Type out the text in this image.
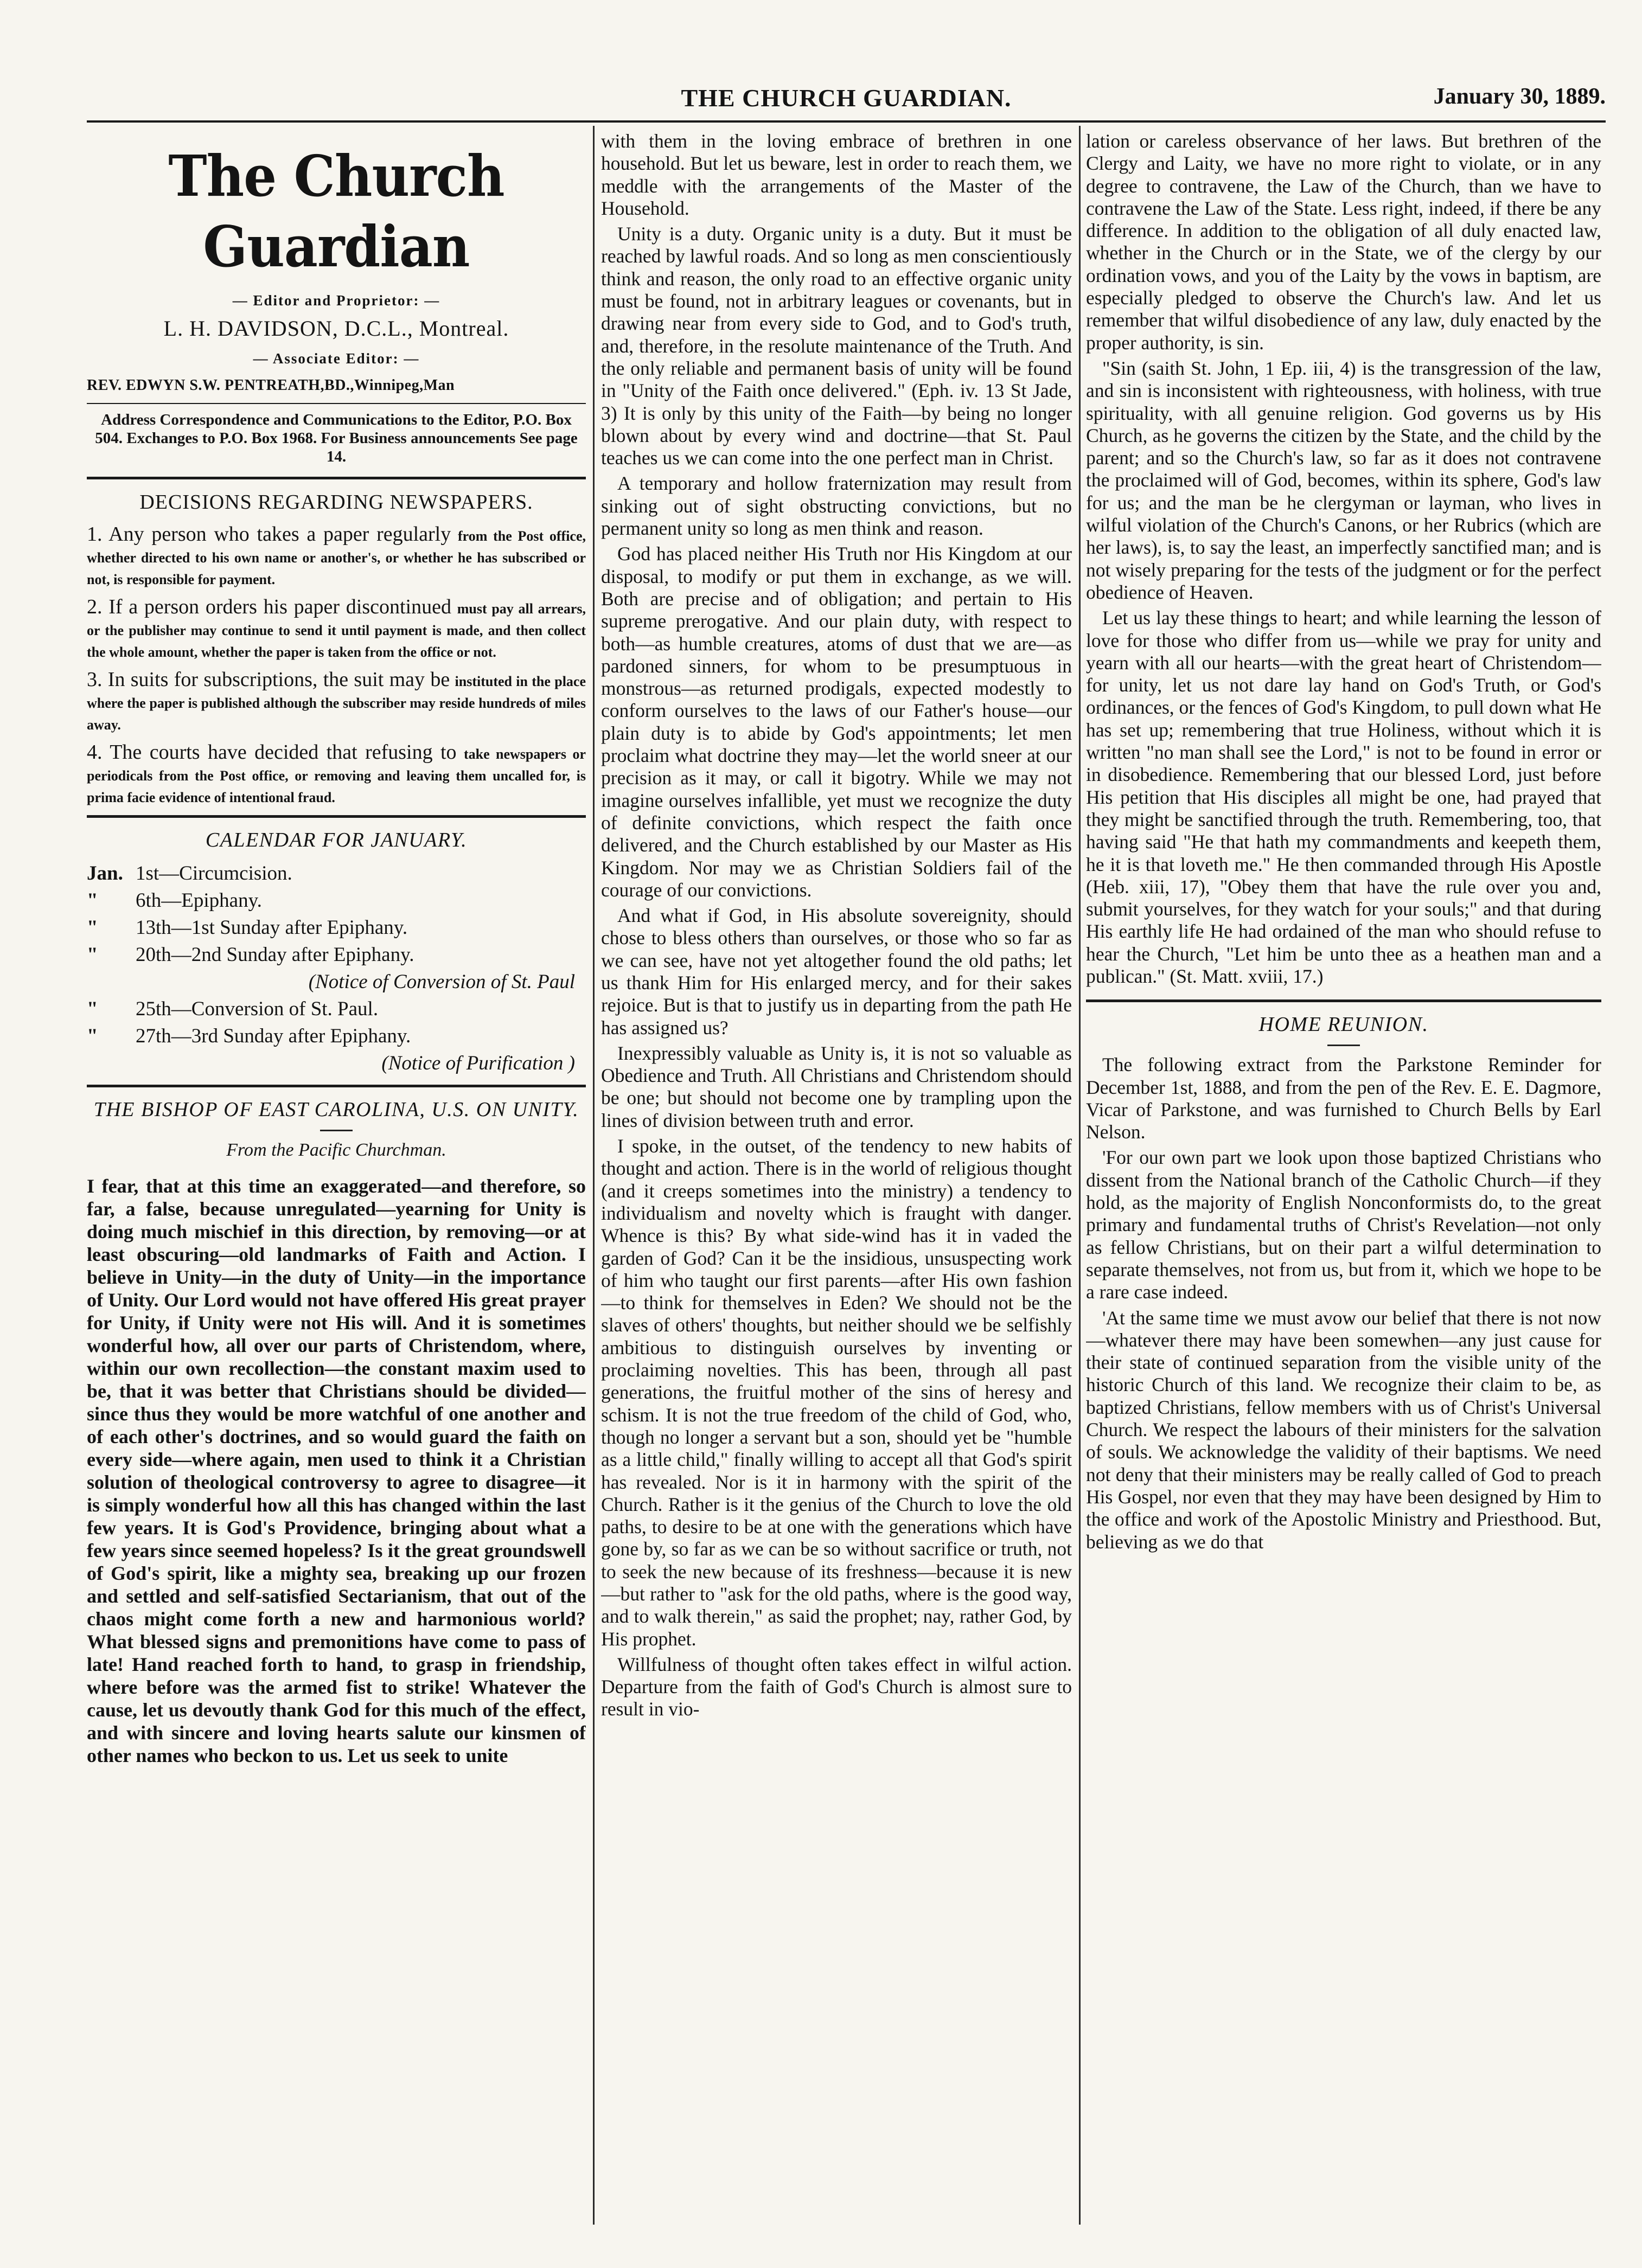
THE CHURCH GUARDIAN.	January 30, 1889.
The Church Guardian
— Editor and Proprietor: —
L. H. DAVIDSON, D.C.L., Montreal.
— Associate Editor: —
REV. EDWYN S.W. PENTREATH,BD.,Winnipeg,Man
Address Correspondence and Communications to the Editor, P.O. Box 504. Exchanges to P.O. Box 1968. For Business announcements See page 14.
DECISIONS REGARDING NEWSPAPERS.

1. Any person who takes a paper regularly from the Post office, whether directed to his own name or another's, or whether he has subscribed or not, is responsible for payment.

2. If a person orders his paper discontinued must pay all arrears, or the publisher may continue to send it until payment is made, and then collect the whole amount, whether the paper is taken from the office or not.

3. In suits for subscriptions, the suit may be instituted in the place where the paper is published although the subscriber may reside hundreds of miles away.

4. The courts have decided that refusing to take newspapers or periodicals from the Post office, or removing and leaving them uncalled for, is prima facie evidence of intentional fraud.

CALENDAR FOR JANUARY.
Jan. 1st—Circumcision.
"	6th—Epiphany.
"	13th—1st Sunday after Epiphany.
"	20th—2nd Sunday after Epiphany.
(Notice of Conversion of St. Paul
"	25th—Conversion of St. Paul.
"	27th—3rd Sunday after Epiphany.
(Notice of Purification )
THE BISHOP OF EAST CAROLINA, U.S. ON UNITY.
From the Pacific Churchman.

I fear, that at this time an exaggerated—and therefore, so far, a false, because unregulated—yearning for Unity is doing much mischief in this direction, by removing—or at least obscuring—old landmarks of Faith and Action. I believe in Unity—in the duty of Unity—in the importance of Unity. Our Lord would not have offered His great prayer for Unity, if Unity were not His will. And it is sometimes wonderful how, all over our parts of Christendom, where, within our own recollection—the constant maxim used to be, that it was better that Christians should be divided—since thus they would be more watchful of one another and of each other's doctrines, and so would guard the faith on every side—where again, men used to think it a Christian solution of theological controversy to agree to disagree—it is simply wonderful how all this has changed within the last few years. It is God's Providence, bringing about what a few years since seemed hopeless? Is it the great groundswell of God's spirit, like a mighty sea, breaking up our frozen and settled and self-satisfied Sectarianism, that out of the chaos might come forth a new and harmonious world? What blessed signs and premonitions have come to pass of late! Hand reached forth to hand, to grasp in friendship, where before was the armed fist to strike! Whatever the cause, let us devoutly thank God for this much of the effect, and with sincere and loving hearts salute our kinsmen of other names who beckon to us. Let us seek to unite

with them in the loving embrace of brethren in one household. But let us beware, lest in order to reach them, we meddle with the arrangements of the Master of the Household.

Unity is a duty. Organic unity is a duty. But it must be reached by lawful roads. And so long as men conscientiously think and reason, the only road to an effective organic unity must be found, not in arbitrary leagues or covenants, but in drawing near from every side to God, and to God's truth, and, therefore, in the resolute maintenance of the Truth. And the only reliable and permanent basis of unity will be found in "Unity of the Faith once delivered." (Eph. iv. 13 St Jade, 3) It is only by this unity of the Faith—by being no longer blown about by every wind and doctrine—that St. Paul teaches us we can come into the one perfect man in Christ.

A temporary and hollow fraternization may result from sinking out of sight obstructing convictions, but no permanent unity so long as men think and reason.

God has placed neither His Truth nor His Kingdom at our disposal, to modify or put them in exchange, as we will. Both are precise and of obligation; and pertain to His supreme prerogative. And our plain duty, with respect to both—as humble creatures, atoms of dust that we are—as pardoned sinners, for whom to be presumptuous in monstrous—as returned prodigals, expected modestly to conform ourselves to the laws of our Father's house—our plain duty is to abide by God's appointments; let men proclaim what doctrine they may—let the world sneer at our precision as it may, or call it bigotry. While we may not imagine ourselves infallible, yet must we recognize the duty of definite convictions, which respect the faith once delivered, and the Church established by our Master as His Kingdom. Nor may we as Christian Soldiers fail of the courage of our convictions.

And what if God, in His absolute sovereignity, should chose to bless others than ourselves, or those who so far as we can see, have not yet altogether found the old paths; let us thank Him for His enlarged mercy, and for their sakes rejoice. But is that to justify us in departing from the path He has assigned us?

Inexpressibly valuable as Unity is, it is not so valuable as Obedience and Truth. All Christians and Christendom should be one; but should not become one by trampling upon the lines of division between truth and error.

I spoke, in the outset, of the tendency to new habits of thought and action. There is in the world of religious thought (and it creeps sometimes into the ministry) a tendency to individualism and novelty which is fraught with danger. Whence is this? By what side-wind has it in vaded the garden of God? Can it be the insidious, unsuspecting work of him who taught our first parents—after His own fashion—to think for themselves in Eden? We should not be the slaves of others' thoughts, but neither should we be selfishly ambitious to distinguish ourselves by inventing or proclaiming novelties. This has been, through all past generations, the fruitful mother of the sins of heresy and schism. It is not the true freedom of the child of God, who, though no longer a servant but a son, should yet be "humble as a little child," finally willing to accept all that God's spirit has revealed. Nor is it in harmony with the spirit of the Church. Rather is it the genius of the Church to love the old paths, to desire to be at one with the generations which have gone by, so far as we can be so without sacrifice or truth, not to seek the new because of its freshness—because it is new—but rather to "ask for the old paths, where is the good way, and to walk therein," as said the prophet; nay, rather God, by His prophet.

Willfulness of thought often takes effect in wilful action. Departure from the faith of God's Church is almost sure to result in vio-

lation or careless observance of her laws. But brethren of the Clergy and Laity, we have no more right to violate, or in any degree to contravene, the Law of the Church, than we have to contravene the Law of the State. Less right, indeed, if there be any difference. In addition to the obligation of all duly enacted law, whether in the Church or in the State, we of the clergy by our ordination vows, and you of the Laity by the vows in baptism, are especially pledged to observe the Church's law. And let us remember that wilful disobedience of any law, duly enacted by the proper authority, is sin.

"Sin (saith St. John, 1 Ep. iii, 4) is the transgression of the law, and sin is inconsistent with righteousness, with holiness, with true spirituality, with all genuine religion. God governs us by His Church, as he governs the citizen by the State, and the child by the parent; and so the Church's law, so far as it does not contravene the proclaimed will of God, becomes, within its sphere, God's law for us; and the man be he clergyman or layman, who lives in wilful violation of the Church's Canons, or her Rubrics (which are her laws), is, to say the least, an imperfectly sanctified man; and is not wisely preparing for the tests of the judgment or for the perfect obedience of Heaven.

Let us lay these things to heart; and while learning the lesson of love for those who differ from us—while we pray for unity and yearn with all our hearts—with the great heart of Christendom—for unity, let us not dare lay hand on God's Truth, or God's ordinances, or the fences of God's Kingdom, to pull down what He has set up; remembering that true Holiness, without which it is written "no man shall see the Lord," is not to be found in error or in disobedience. Remembering that our blessed Lord, just before His petition that His disciples all might be one, had prayed that they might be sanctified through the truth. Remembering, too, that having said "He that hath my commandments and keepeth them, he it is that loveth me." He then commanded through His Apostle (Heb. xiii, 17), "Obey them that have the rule over you and, submit yourselves, for they watch for your souls;" and that during His earthly life He had ordained of the man who should refuse to hear the Church, "Let him be unto thee as a heathen man and a publican." (St. Matt. xviii, 17.)

HOME REUNION.

The following extract from the Parkstone Reminder for December 1st, 1888, and from the pen of the Rev. E. E. Dagmore, Vicar of Parkstone, and was furnished to Church Bells by Earl Nelson.

'For our own part we look upon those baptized Christians who dissent from the National branch of the Catholic Church—if they hold, as the majority of English Nonconformists do, to the great primary and fundamental truths of Christ's Revelation—not only as fellow Christians, but on their part a wilful determination to separate themselves, not from us, but from it, which we hope to be a rare case indeed.

'At the same time we must avow our belief that there is not now—whatever there may have been somewhen—any just cause for their state of continued separation from the visible unity of the historic Church of this land. We recognize their claim to be, as baptized Christians, fellow members with us of Christ's Universal Church. We respect the labours of their ministers for the salvation of souls. We acknowledge the validity of their baptisms. We need not deny that their ministers may be really called of God to preach His Gospel, nor even that they may have been designed by Him to the office and work of the Apostolic Ministry and Priesthood. But, believing as we do that
